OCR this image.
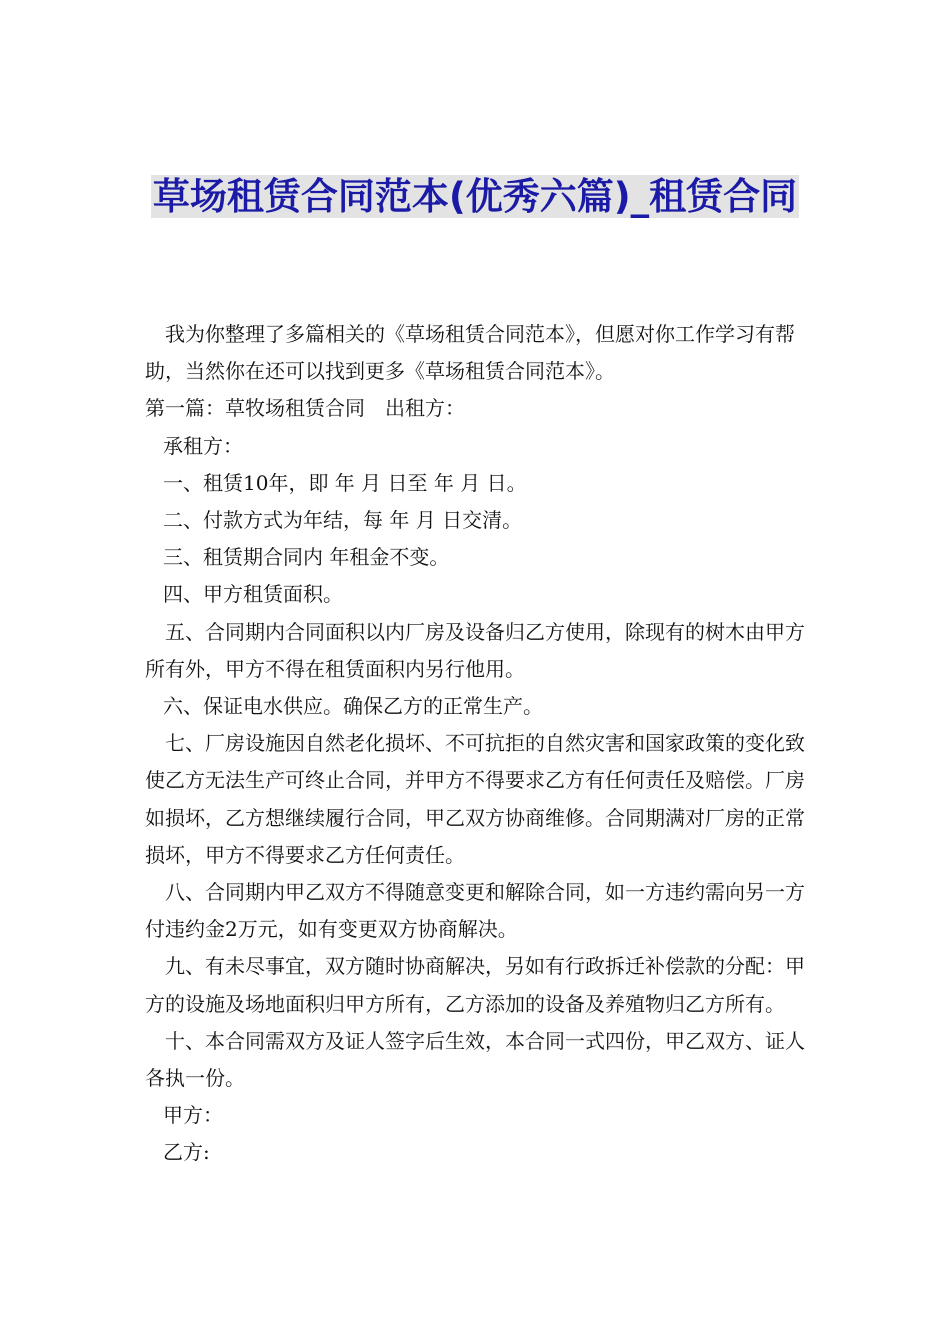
草场租赁合同范本(优秀六篇)_租赁合同

我为你整理了多篇相关的《草场租赁合同范本》，但愿对你工作学习有帮助，当然你在还可以找到更多《草场租赁合同范本》。

第一篇：草牧场租赁合同　出租方：

承租方：

一、租赁10年，即 年 月 日至 年 月 日。

二、付款方式为年结，每 年 月 日交清。

三、租赁期合同内 年租金不变。

四、甲方租赁面积。

五、合同期内合同面积以内厂房及设备归乙方使用，除现有的树木由甲方所有外，甲方不得在租赁面积内另行他用。

六、保证电水供应。确保乙方的正常生产。

七、厂房设施因自然老化损坏、不可抗拒的自然灾害和国家政策的变化致使乙方无法生产可终止合同，并甲方不得要求乙方有任何责任及赔偿。厂房如损坏，乙方想继续履行合同，甲乙双方协商维修。合同期满对厂房的正常损坏，甲方不得要求乙方任何责任。

八、合同期内甲乙双方不得随意变更和解除合同，如一方违约需向另一方付违约金2万元，如有变更双方协商解决。

九、有未尽事宜，双方随时协商解决，另如有行政拆迁补偿款的分配：甲方的设施及场地面积归甲方所有，乙方添加的设备及养殖物归乙方所有。

十、本合同需双方及证人签字后生效，本合同一式四份，甲乙双方、证人各执一份。

甲方：

乙方:
